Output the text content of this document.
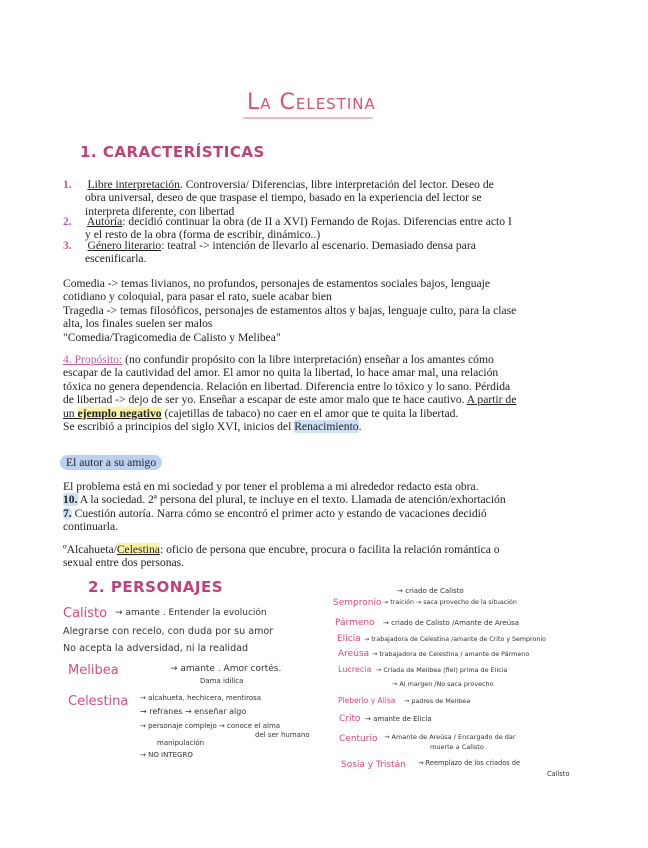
La Celestina
1. CARACTERÍSTICAS
1. Libre interpretación. Controversia/ Diferencias, libre interpretación del lector. Deseo de
obra universal, deseo de que traspase el tiempo, basado en la experiencia del lector se
interpreta diferente, con libertad
2. Autoría: decidió continuar la obra (de II a XVI) Fernando de Rojas. Diferencias entre acto I
y el resto de la obra (forma de escribir, dinámico..)
3. Género literario: teatral -> intención de llevarlo al escenario. Demasiado densa para
escenificarla.
Comedia -> temas livianos, no profundos, personajes de estamentos sociales bajos, lenguaje
cotidiano y coloquial, para pasar el rato, suele acabar bien
Tragedia -> temas filosóficos, personajes de estamentos altos y bajas, lenguaje culto, para la clase
alta, los finales suelen ser malos
"Comedia/Tragicomedia de Calisto y Melibea"
4. Propósito: (no confundir propósito con la libre interpretación) enseñar a los amantes cómo
escapar de la cautividad del amor. El amor no quita la libertad, lo hace amar mal, una relación
tóxica no genera dependencia. Relación en libertad. Diferencia entre lo tóxico y lo sano. Pérdida
de libertad -> dejo de ser yo. Enseñar a escapar de este amor malo que te hace cautivo. A partir de
un ejemplo negativo (cajetillas de tabaco) no caer en el amor que te quita la libertad.
Se escribió a principios del siglo XVI, inicios del Renacimiento.
El autor a su amigo
El problema está en mi sociedad y por tener el problema a mi alrededor redacto esta obra.
10. A la sociedad. 2ª persona del plural, te incluye en el texto. Llamada de atención/exhortación
7. Cuestión autoría. Narra cómo se encontró el primer acto y estando de vacaciones decidió
continuarla.
ºAlcahueta/Celestina: oficio de persona que encubre, procura o facilita la relación romántica o
sexual entre dos personas.
2. PERSONAJES
Calisto → amante . Entender la evolución
Alegrarse con recelo, con duda por su amor
No acepta la adversidad, ni la realidad
Melibea	→ amante . Amor cortés.
Dama idílica
Celestina → alcahueta, hechicera, mentirosa
→ refranes → enseñar algo
→ personaje complejo → conoce el alma
del ser humano
manipulación
→ NO INTEGRO
→ criado de Calisto
Sempronio → traición → saca provecho de la situación
Pármeno → criado de Calisto /Amante de Areúsa
Elicia → trabajadora de Celestina /amante de Crito y Sempronio
Areúsa → trabajadora de Celestina / amante de Pármeno
Lucrecia → Criada de Melibea (fiel) prima de Elicia
→ Al margen /No saca provecho
Pleberio y Alisa → padres de Melibea
Crito → amante de Elicia
Centurio → Amante de Areúsa / Encargado de dar
muerte a Calisto
Sosia y Tristán → Reemplazo de los criados de
Calisto
